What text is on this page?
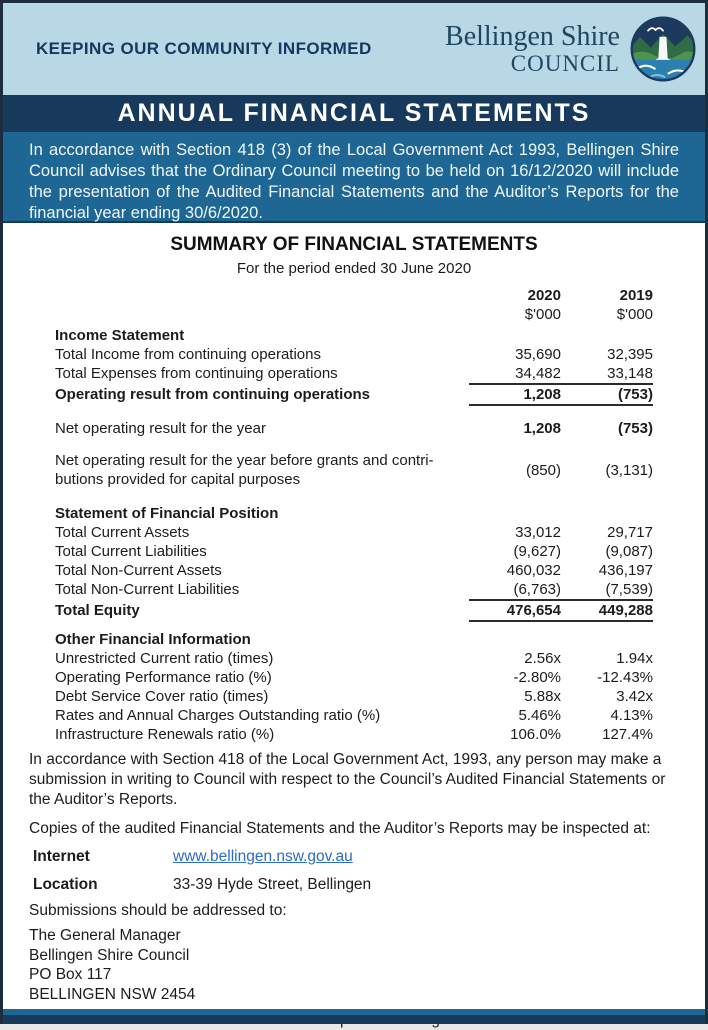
KEEPING OUR COMMUNITY INFORMED	Bellingen Shire
COUNCIL
ANNUAL FINANCIAL STATEMENTS

In accordance with Section 418 (3) of the Local Government Act 1993, Bellingen Shire Council advises that the Ordinary Council meeting to be held on 16/12/2020 will include the presentation of the Audited Financial Statements and the Auditor’s Reports for the financial year ending 30/6/2020.

SUMMARY OF FINANCIAL STATEMENTS
For the period ended 30 June 2020
2020	2019
$'000	$'000
Income Statement
Total Income from continuing operations	35,690	32,395
Total Expenses from continuing operations	34,482	33,148
Operating result from continuing operations	1,208	(753)
Net operating result for the year	1,208	(753)
Net operating result for the year before grants and contri-
butions provided for capital purposes
(850)	(3,131)
Statement of Financial Position
Total Current Assets	33,012	29,717
Total Current Liabilities	(9,627)	(9,087)
Total Non-Current Assets	460,032	436,197
Total Non-Current Liabilities	(6,763)	(7,539)
Total Equity	476,654	449,288
Other Financial Information
Unrestricted Current ratio (times)	2.56x	1.94x
Operating Performance ratio (%)	-2.80%	-12.43%
Debt Service Cover ratio (times)	5.88x	3.42x
Rates and Annual Charges Outstanding ratio (%)	5.46%	4.13%
Infrastructure Renewals ratio (%)	106.0%	127.4%

In accordance with Section 418 of the Local Government Act, 1993, any person may make a submission in writing to Council with respect to the Council’s Audited Financial Statements or the Auditor’s Reports.

Copies of the audited Financial Statements and the Auditor’s Reports may be inspected at:

Internet	www.bellingen.nsw.gov.au
Location	33-39 Hyde Street, Bellingen

Submissions should be addressed to:

The General Manager
Bellingen Shire Council
PO Box 117
BELLINGEN NSW 2454
